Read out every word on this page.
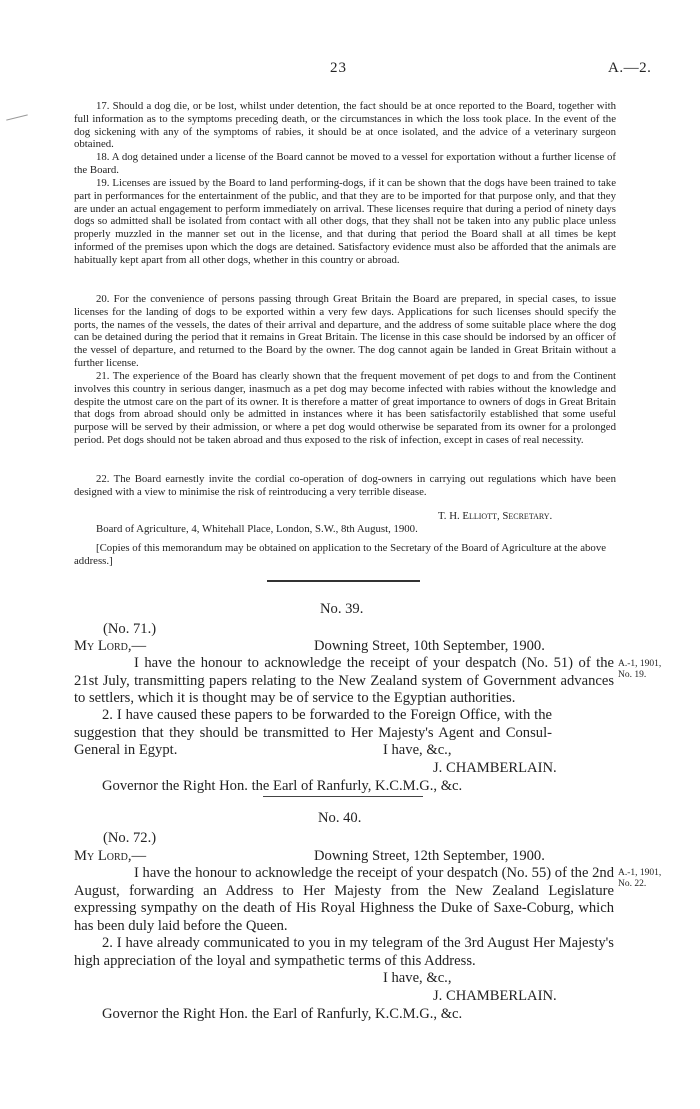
23	A.—2.

17. Should a dog die, or be lost, whilst under detention, the fact should be at once reported to the Board, together with full information as to the symptoms preceding death, or the circumstances in which the loss took place. In the event of the dog sickening with any of the symptoms of rabies, it should be at once isolated, and the advice of a veterinary surgeon obtained.

18. A dog detained under a license of the Board cannot be moved to a vessel for exportation without a further license of the Board.

19. Licenses are issued by the Board to land performing-dogs, if it can be shown that the dogs have been trained to take part in performances for the entertainment of the public, and that they are to be imported for that purpose only, and that they are under an actual engagement to perform immediately on arrival. These licenses require that during a period of ninety days dogs so admitted shall be isolated from contact with all other dogs, that they shall not be taken into any public place unless properly muzzled in the manner set out in the license, and that during that period the Board shall at all times be kept informed of the premises upon which the dogs are detained. Satisfactory evidence must also be afforded that the animals are habitually kept apart from all other dogs, whether in this country or abroad.

20. For the convenience of persons passing through Great Britain the Board are prepared, in special cases, to issue licenses for the landing of dogs to be exported within a very few days. Applications for such licenses should specify the ports, the names of the vessels, the dates of their arrival and departure, and the address of some suitable place where the dog can be detained during the period that it remains in Great Britain. The license in this case should be indorsed by an officer of the vessel of departure, and returned to the Board by the owner. The dog cannot again be landed in Great Britain without a further license.

21. The experience of the Board has clearly shown that the frequent movement of pet dogs to and from the Continent involves this country in serious danger, inasmuch as a pet dog may become infected with rabies without the knowledge and despite the utmost care on the part of its owner. It is therefore a matter of great importance to owners of dogs in Great Britain that dogs from abroad should only be admitted in instances where it has been satisfactorily established that some useful purpose will be served by their admission, or where a pet dog would otherwise be separated from its owner for a prolonged period. Pet dogs should not be taken abroad and thus exposed to the risk of infection, except in cases of real necessity.

22. The Board earnestly invite the cordial co-operation of dog-owners in carrying out regulations which have been designed with a view to minimise the risk of reintroducing a very terrible disease.

T. H. Elliott, Secretary.
Board of Agriculture, 4, Whitehall Place, London, S.W., 8th August, 1900.
[Copies of this memorandum may be obtained on application to the Secretary of the Board of Agriculture at the above address.]
No. 39.
(No. 71.)
My Lord,—	Downing Street, 10th September, 1900.
I have the honour to acknowledge the receipt of your despatch (No. 51) of the 21st July, transmitting papers relating to the New Zealand system of Government advances to settlers, which it is thought may be of service to the Egyptian authorities.
A.-1, 1901,
No. 19.
2. I have caused these papers to be forwarded to the Foreign Office, with the suggestion that they should be transmitted to Her Majesty's Agent and Consul-General in Egypt.	I have, &c.,
J. CHAMBERLAIN.
Governor the Right Hon. the Earl of Ranfurly, K.C.M.G., &c.
No. 40.
(No. 72.)
My Lord,—	Downing Street, 12th September, 1900.
I have the honour to acknowledge the receipt of your despatch (No. 55) of the 2nd August, forwarding an Address to Her Majesty from the New Zealand Legislature expressing sympathy on the death of His Royal Highness the Duke of Saxe-Coburg, which has been duly laid before the Queen.
A.-1, 1901,
No. 22.
2. I have already communicated to you in my telegram of the 3rd August Her Majesty's high appreciation of the loyal and sympathetic terms of this Address.
I have, &c.,
J. CHAMBERLAIN.
Governor the Right Hon. the Earl of Ranfurly, K.C.M.G., &c.
